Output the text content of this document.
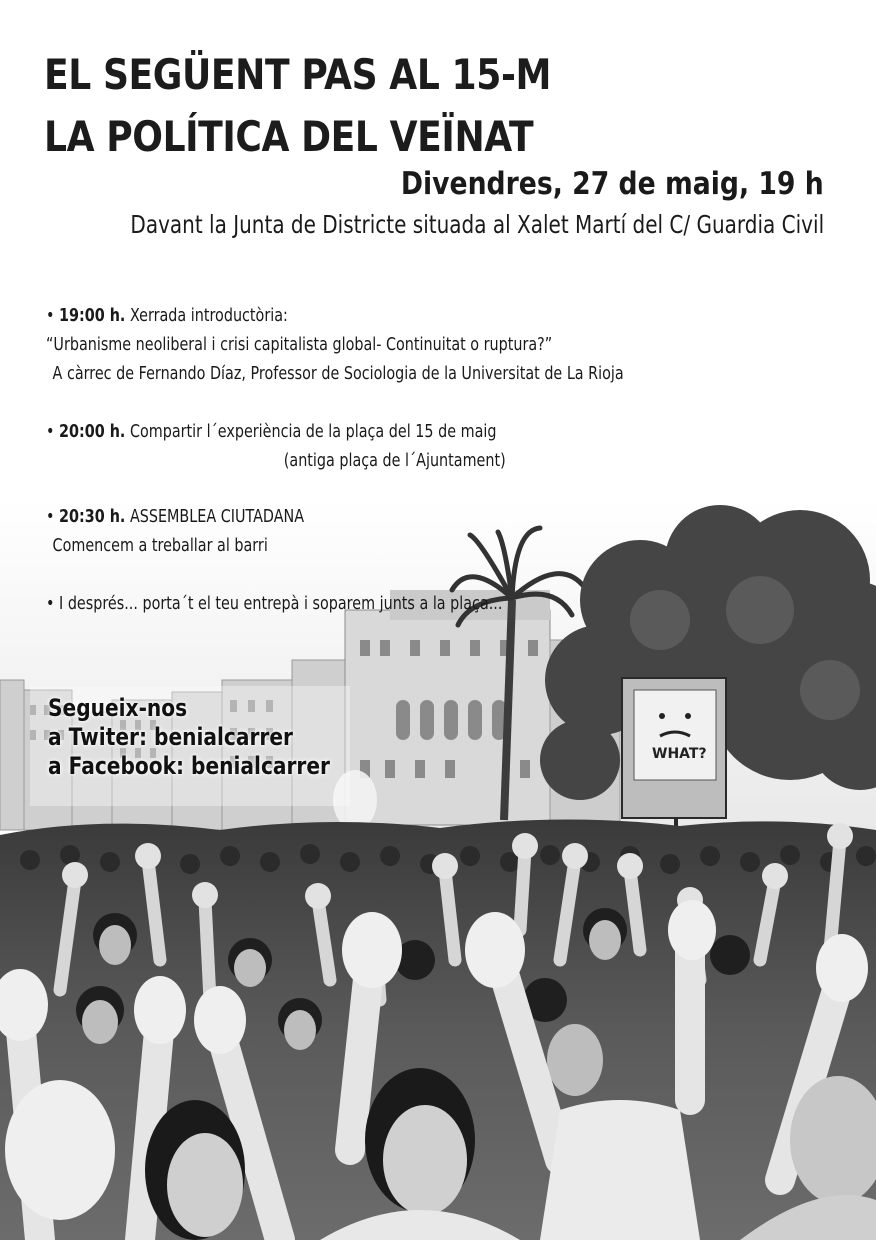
WHAT?
EL SEGÜENT PAS AL 15-M
LA POLÍTICA DEL VEÏNAT
Divendres, 27 de maig, 19 h
Davant la Junta de Districte situada al Xalet Martí del C/ Guardia Civil
• 19:00 h. Xerrada introductòria:
“Urbanisme neoliberal i crisi capitalista global- Continuitat o ruptura?”
A càrrec de Fernando Díaz, Professor de Sociologia de la Universitat de La Rioja
• 20:00 h. Compartir l´experiència de la plaça del 15 de maig
(antiga plaça de l´Ajuntament)
• 20:30 h. ASSEMBLEA CIUTADANA
Comencem a treballar al barri
• I després... porta´t el teu entrepà i soparem junts a la plaça...
Segueix-nos
a Twiter: benialcarrer
a Facebook: benialcarrer
